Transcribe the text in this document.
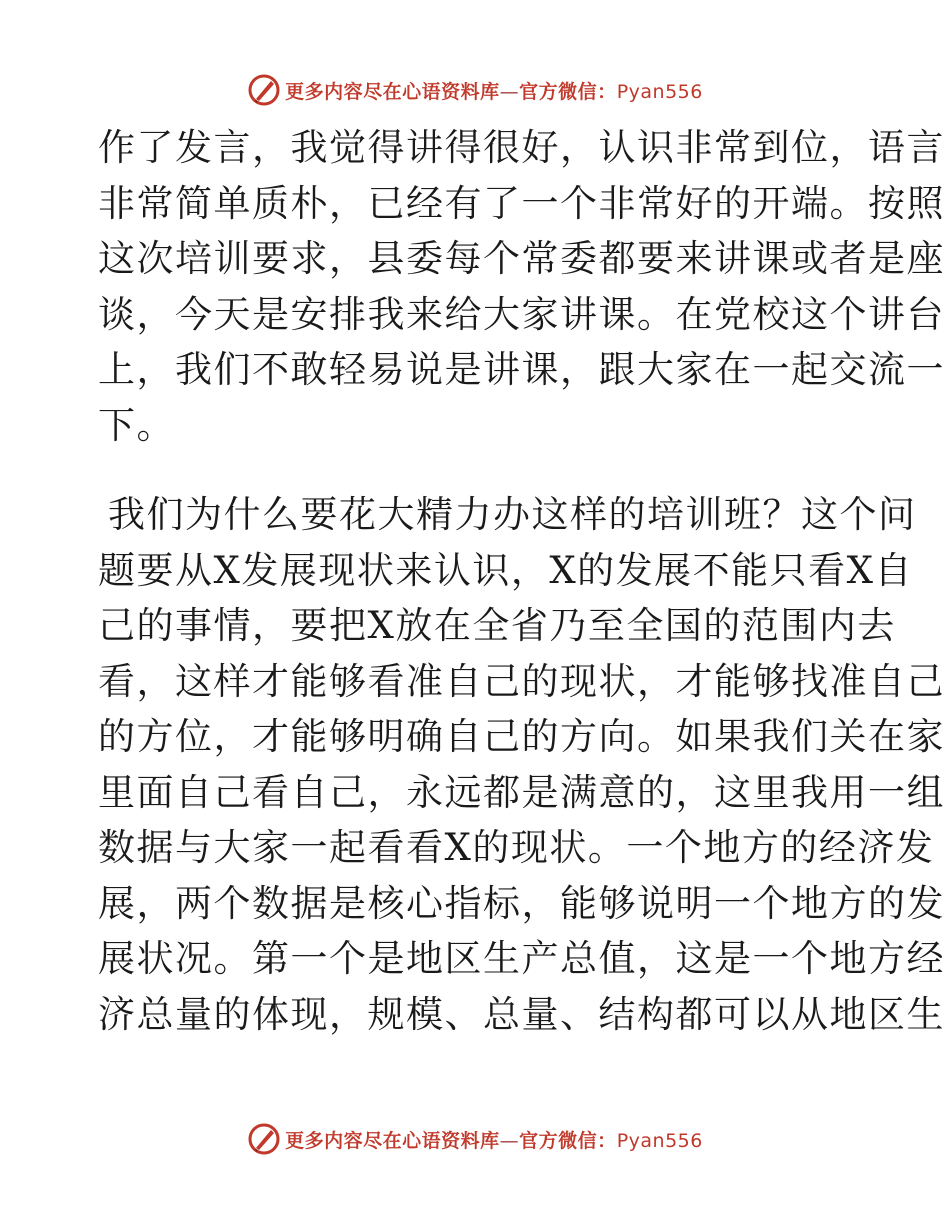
更多内容尽在心语资料库—官方微信：Pyan556
作了发言，我觉得讲得很好，认识非常到位，语言
非常简单质朴，已经有了一个非常好的开端。按照
这次培训要求，县委每个常委都要来讲课或者是座
谈，今天是安排我来给大家讲课。在党校这个讲台
上，我们不敢轻易说是讲课，跟大家在一起交流一
下。
我们为什么要花大精力办这样的培训班？这个问
题要从X发展现状来认识，X的发展不能只看X自
己的事情，要把X放在全省乃至全国的范围内去
看，这样才能够看准自己的现状，才能够找准自己
的方位，才能够明确自己的方向。如果我们关在家
里面自己看自己，永远都是满意的，这里我用一组
数据与大家一起看看X的现状。一个地方的经济发
展，两个数据是核心指标，能够说明一个地方的发
展状况。第一个是地区生产总值，这是一个地方经
济总量的体现，规模、总量、结构都可以从地区生
更多内容尽在心语资料库—官方微信：Pyan556
